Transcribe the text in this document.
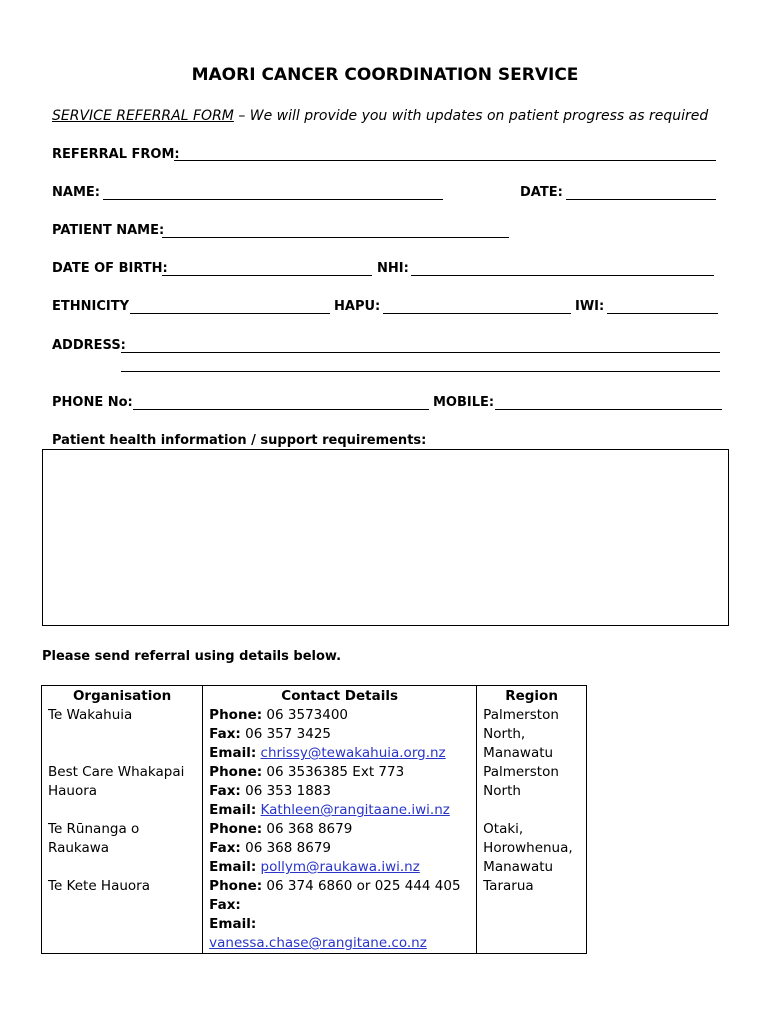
MAORI CANCER COORDINATION SERVICE
SERVICE REFERRAL FORM – We will provide you with updates on patient progress as required
REFERRAL FROM:
NAME:	DATE:
PATIENT NAME:
DATE OF BIRTH:	NHI:
ETHNICITY	HAPU:	IWI:
ADDRESS:
PHONE No:	MOBILE:
Patient health information / support requirements:
Please send referral using details below.
Organisation	Contact Details	Region
Te Wakahuia	Phone: 06 3573400
Fax: 06 357 3425
Email: chrissy@tewakahuia.org.nz	Palmerston North, Manawatu
Best Care Whakapai Hauora	Phone: 06 3536385 Ext 773
Fax: 06 353 1883
Email: Kathleen@rangitaane.iwi.nz	Palmerston North
Te Rūnanga o Raukawa	Phone: 06 368 8679
Fax: 06 368 8679
Email: pollym@raukawa.iwi.nz	Otaki, Horowhenua, Manawatu
Te Kete Hauora	Phone: 06 374 6860 or 025 444 405
Fax:
Email: vanessa.chase@rangitane.co.nz	Tararua
